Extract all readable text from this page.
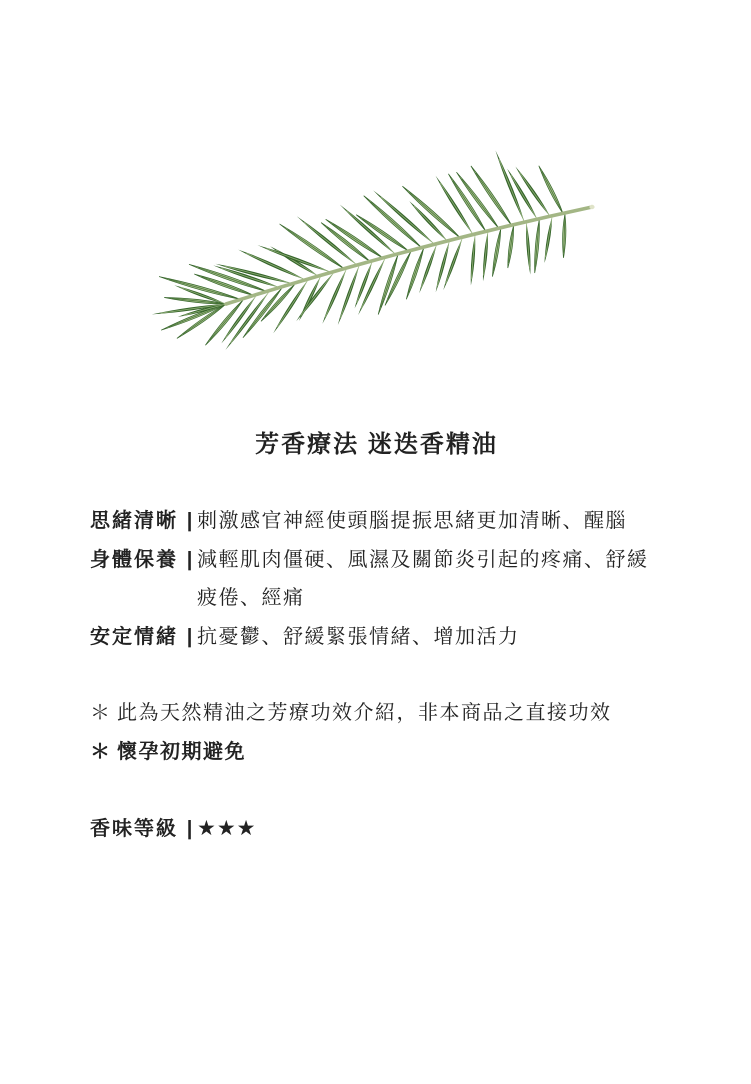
芳香療法 迷迭香精油
思緒清晰 | 刺激感官神經使頭腦提振思緒更加清晰、醒腦
身體保養 | 減輕肌肉僵硬、風濕及關節炎引起的疼痛、舒緩
疲倦、經痛
安定情緒 | 抗憂鬱、舒緩緊張情緒、增加活力
＊ 此為天然精油之芳療功效介紹，非本商品之直接功效
＊ 懷孕初期避免
香味等級 | ★★★
